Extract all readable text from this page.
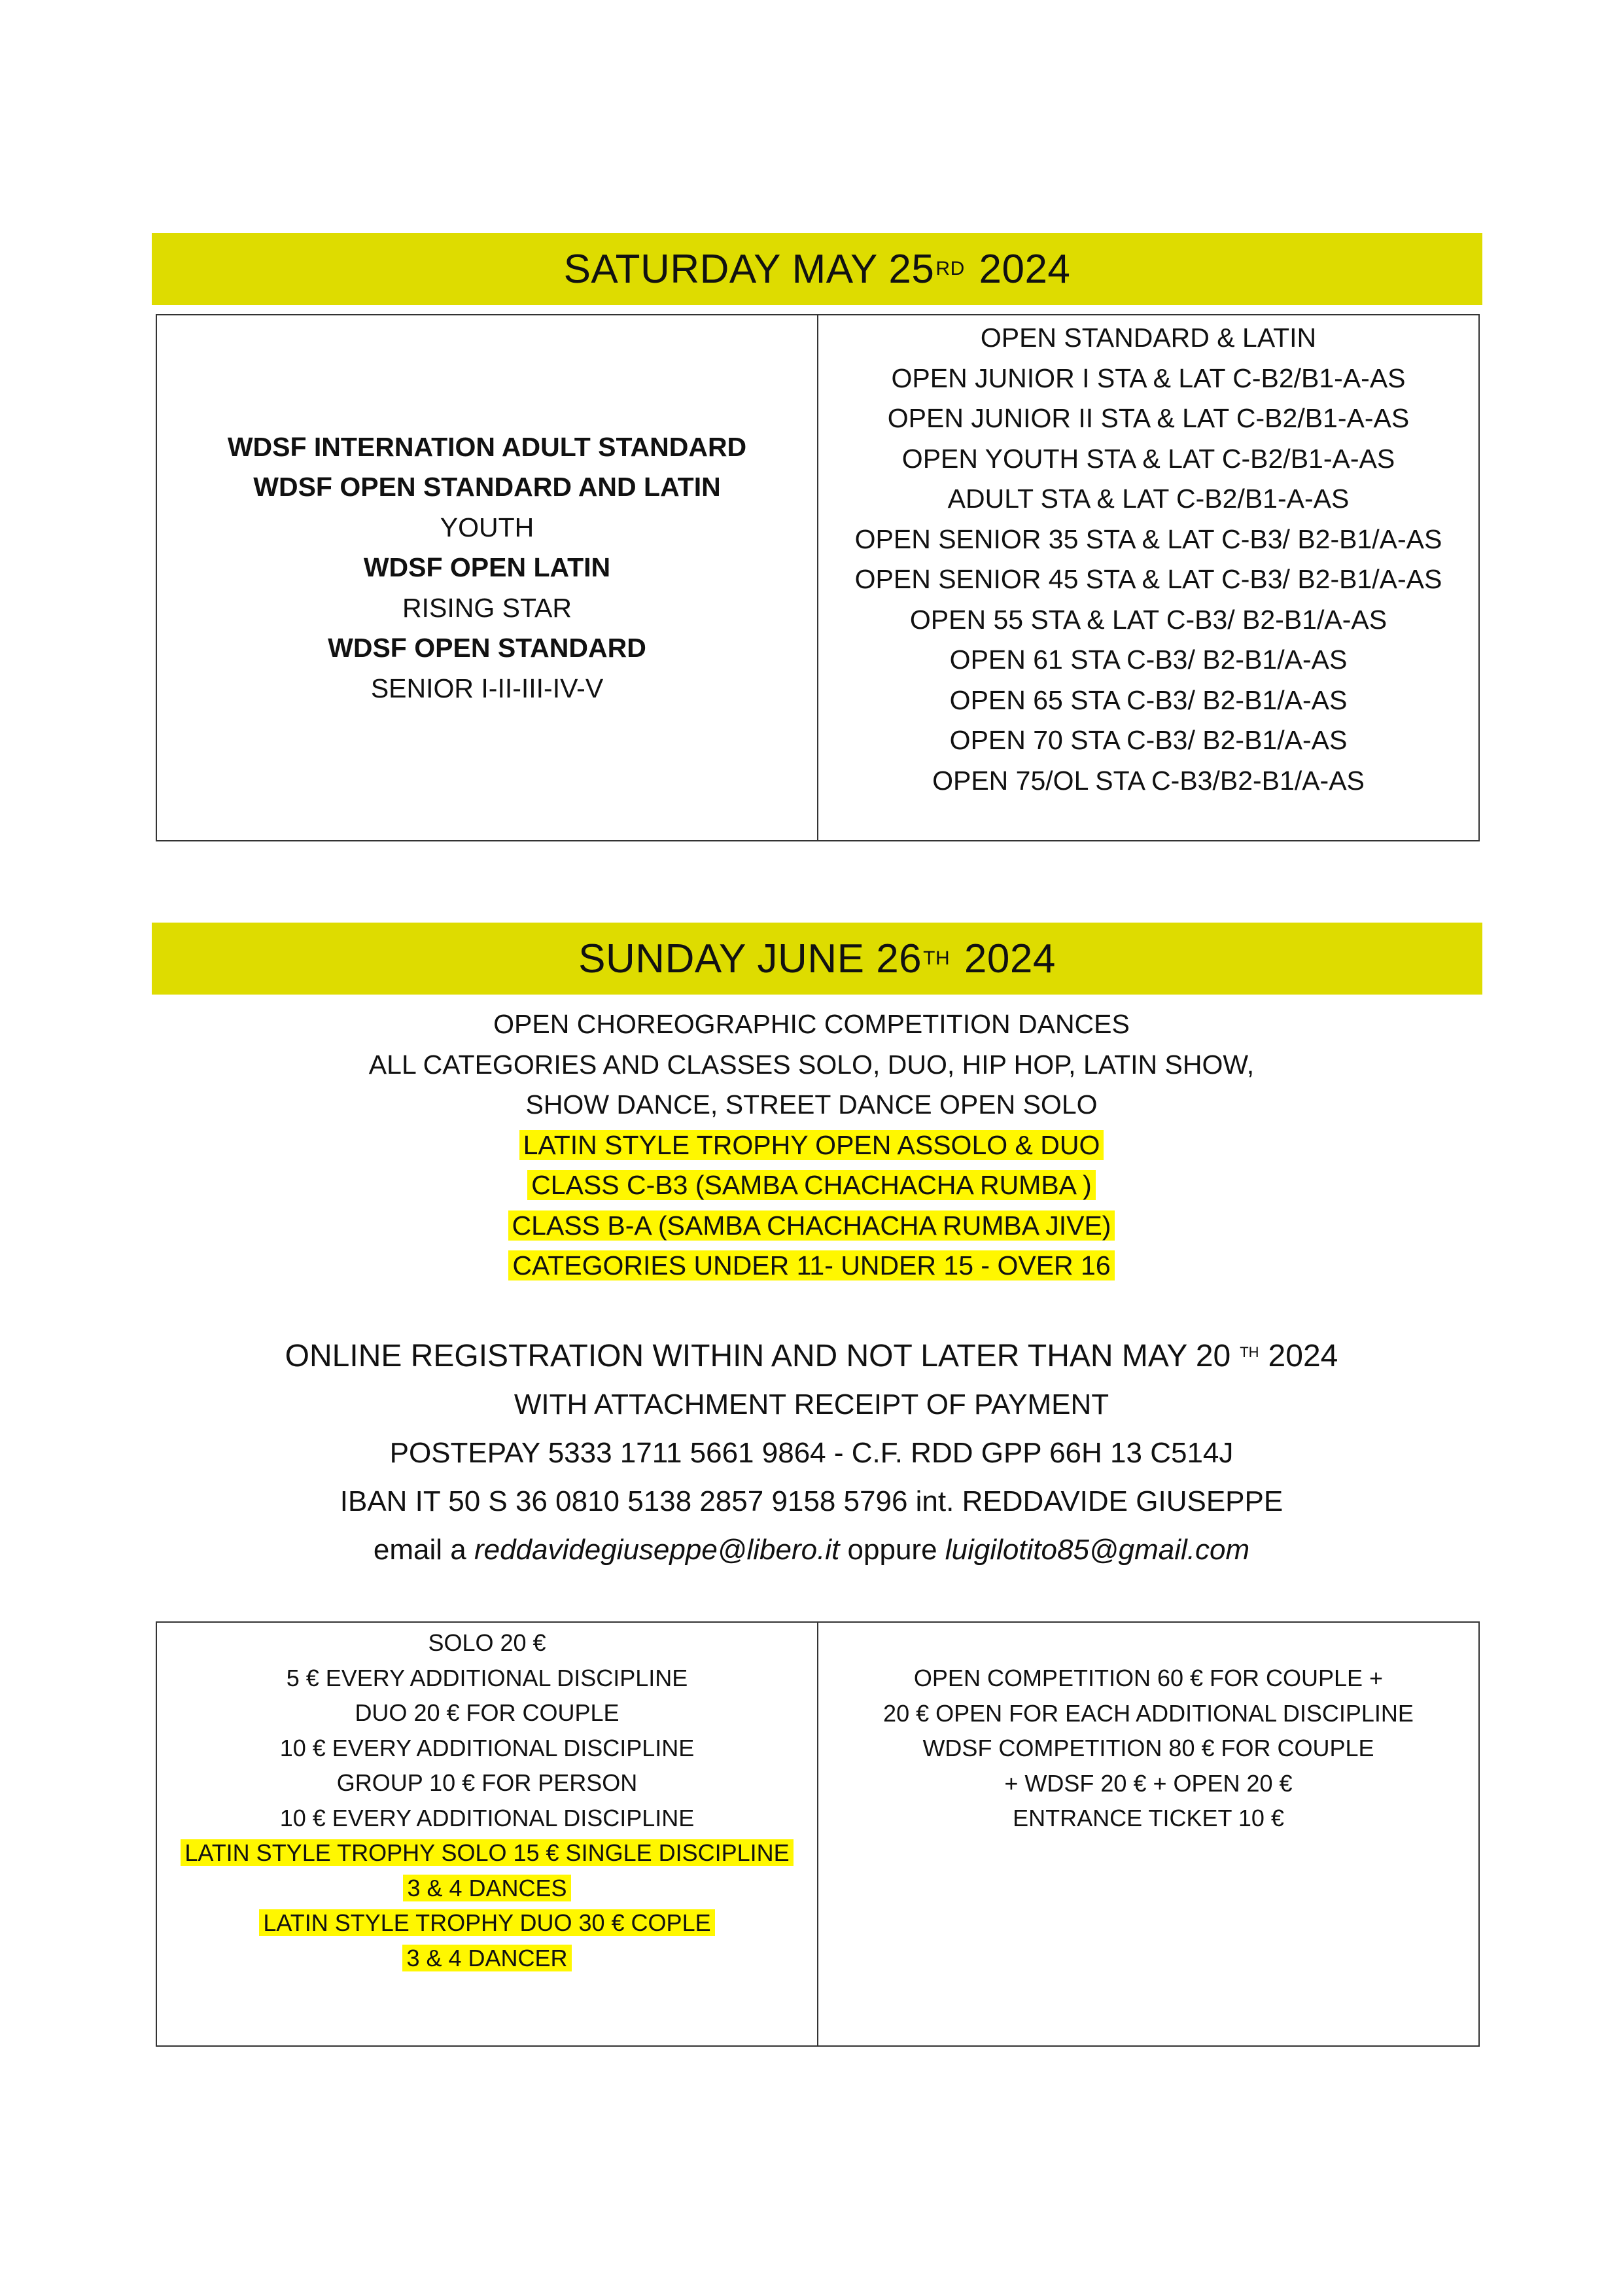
SATURDAY MAY 25 RD
2024
WDSF INTERNATION ADULT STANDARD
WDSF OPEN STANDARD AND LATIN
YOUTH
WDSF OPEN LATIN
RISING STAR
WDSF OPEN STANDARD
SENIOR I-II-III-IV-V
OPEN STANDARD & LATIN
OPEN JUNIOR I STA & LAT C-B2/B1-A-AS
OPEN JUNIOR II STA & LAT C-B2/B1-A-AS
OPEN YOUTH STA & LAT C-B2/B1-A-AS
ADULT STA & LAT C-B2/B1-A-AS
OPEN SENIOR 35 STA & LAT C-B3/ B2-B1/A-AS
OPEN SENIOR 45 STA & LAT C-B3/ B2-B1/A-AS
OPEN 55 STA & LAT C-B3/ B2-B1/A-AS
OPEN 61 STA C-B3/ B2-B1/A-AS
OPEN 65 STA C-B3/ B2-B1/A-AS
OPEN 70 STA C-B3/ B2-B1/A-AS
OPEN 75/OL STA C-B3/B2-B1/A-AS
SUNDAY JUNE 26 TH
2024
OPEN CHOREOGRAPHIC COMPETITION DANCES
ALL CATEGORIES AND CLASSES SOLO, DUO, HIP HOP, LATIN SHOW,
SHOW DANCE, STREET DANCE OPEN SOLO
LATIN STYLE TROPHY OPEN ASSOLO & DUO
CLASS C-B3 (SAMBA CHACHACHA RUMBA )
CLASS B-A (SAMBA CHACHACHA RUMBA JIVE)
CATEGORIES UNDER 11- UNDER 15 - OVER 16
ONLINE REGISTRATION WITHIN AND NOT LATER THAN MAY 20 $^{TH}$ 2024
WITH ATTACHMENT RECEIPT OF PAYMENT
POSTEPAY 5333 1711 5661 9864 - C.F. RDD GPP 66H 13 C514J
IBAN IT 50 S 36 0810 5138 2857 9158 5796 int. REDDAVIDE GIUSEPPE
email a reddavidegiuseppe@libero.it oppure luigilotito85@gmail.com
SOLO 20 €
5 € EVERY ADDITIONAL DISCIPLINE
DUO 20 € FOR COUPLE
10 € EVERY ADDITIONAL DISCIPLINE
GROUP 10 € FOR PERSON
10 € EVERY ADDITIONAL DISCIPLINE
LATIN STYLE TROPHY SOLO 15 € SINGLE DISCIPLINE
3 & 4 DANCES
LATIN STYLE TROPHY DUO 30 € COPLE
3 & 4 DANCER
OPEN COMPETITION 60 € FOR COUPLE +
20 € OPEN FOR EACH ADDITIONAL DISCIPLINE
WDSF COMPETITION 80 € FOR COUPLE
+ WDSF 20 € + OPEN 20 €
ENTRANCE TICKET 10 €
